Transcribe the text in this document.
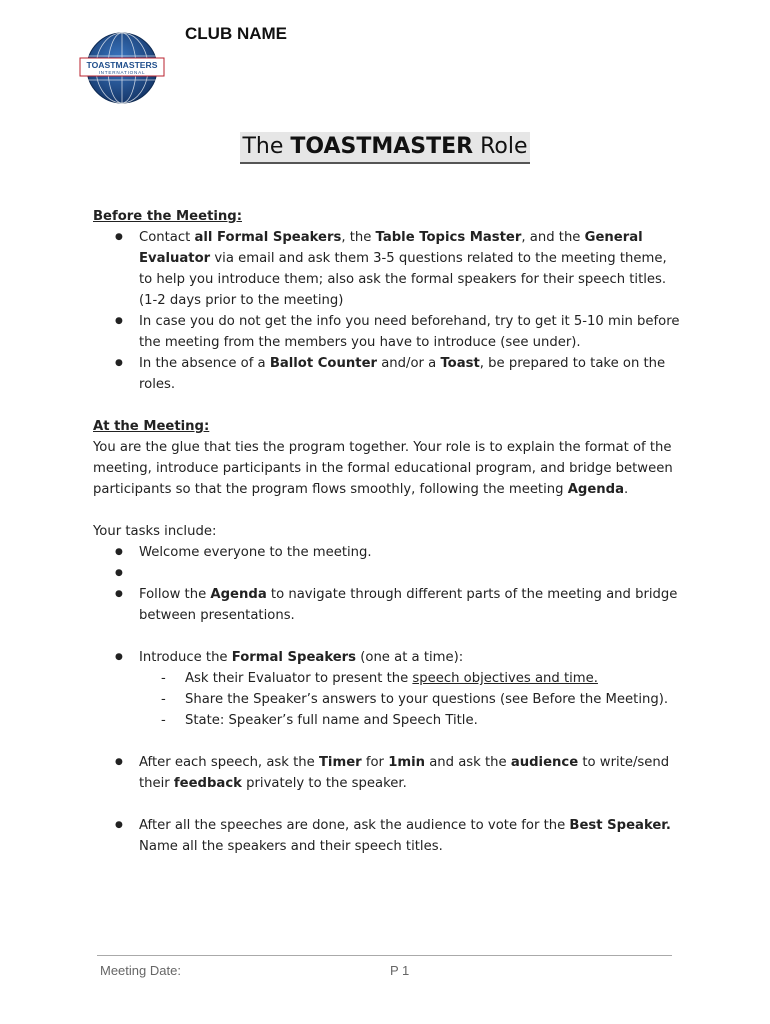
TOASTMASTERS
INTERNATIONAL
CLUB NAME
The TOASTMASTER Role
Before the Meeting:
● Contact all Formal Speakers, the Table Topics Master, and the General Evaluator via email and ask them 3-5 questions related to the meeting theme, to help you introduce them; also ask the formal speakers for their speech titles. (1-2 days prior to the meeting)
● In case you do not get the info you need beforehand, try to get it 5-10 min before the meeting from the members you have to introduce (see under).
● In the absence of a Ballot Counter and/or a Toast, be prepared to take on the roles.
At the Meeting:
You are the glue that ties the program together. Your role is to explain the format of the meeting, introduce participants in the formal educational program, and bridge between participants so that the program flows smoothly, following the meeting Agenda.
Your tasks include:
● Welcome everyone to the meeting.
●
● Follow the Agenda to navigate through different parts of the meeting and bridge between presentations.
● Introduce the Formal Speakers (one at a time):
- Ask their Evaluator to present the speech objectives and time.
- Share the Speaker’s answers to your questions (see Before the Meeting).
- State: Speaker’s full name and Speech Title.
● After each speech, ask the Timer for 1min and ask the audience to write/send their feedback privately to the speaker.
● After all the speeches are done, ask the audience to vote for the Best Speaker. Name all the speakers and their speech titles.
Meeting Date:	P 1
